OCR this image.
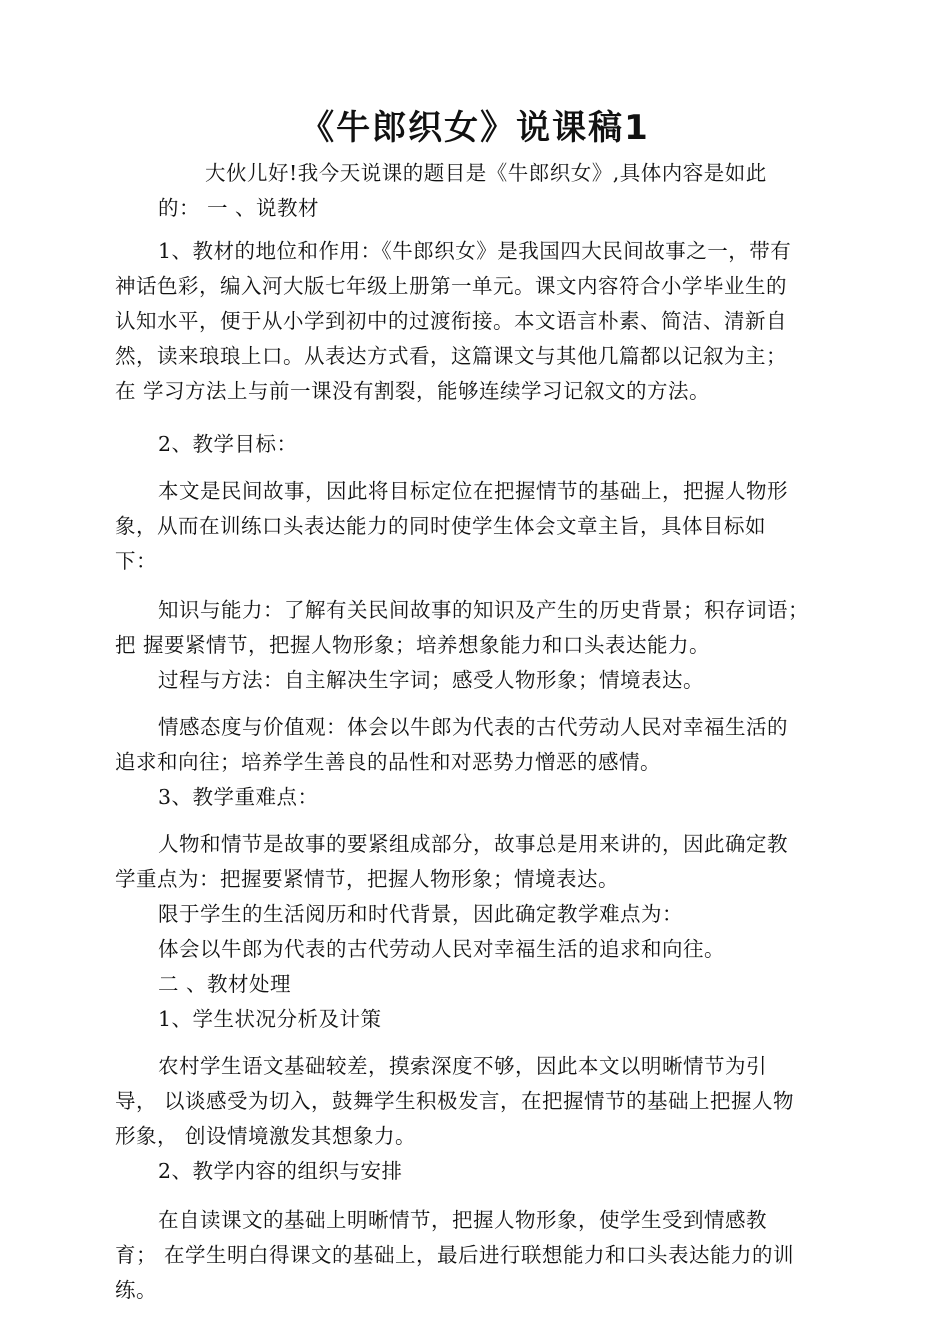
《牛郎织女》说课稿1
大伙儿好!我今天说课的题目是《牛郎织女》,具体内容是如此
的： 一 、说教材
1、教材的地位和作用：《牛郎织女》是我国四大民间故事之一，带有
神话色彩，编入河大版七年级上册第一单元。课文内容符合小学毕业生的
认知水平，便于从小学到初中的过渡衔接。本文语言朴素、简洁、清新自
然，读来琅琅上口。从表达方式看，这篇课文与其他几篇都以记叙为主；
在 学习方法上与前一课没有割裂，能够连续学习记叙文的方法。
2、教学目标：
本文是民间故事，因此将目标定位在把握情节的基础上，把握人物形
象，从而在训练口头表达能力的同时使学生体会文章主旨，具体目标如
下：
知识与能力：了解有关民间故事的知识及产生的历史背景；积存词语；
把 握要紧情节，把握人物形象；培养想象能力和口头表达能力。
过程与方法：自主解决生字词；感受人物形象；情境表达。
情感态度与价值观：体会以牛郎为代表的古代劳动人民对幸福生活的
追求和向往；培养学生善良的品性和对恶势力憎恶的感情。
3、教学重难点：
人物和情节是故事的要紧组成部分，故事总是用来讲的，因此确定教
学重点为：把握要紧情节，把握人物形象；情境表达。
限于学生的生活阅历和时代背景，因此确定教学难点为：
体会以牛郎为代表的古代劳动人民对幸福生活的追求和向往。
二 、教材处理
1、学生状况分析及计策
农村学生语文基础较差，摸索深度不够，因此本文以明晰情节为引
导， 以谈感受为切入，鼓舞学生积极发言，在把握情节的基础上把握人物
形象， 创设情境激发其想象力。
2、教学内容的组织与安排
在自读课文的基础上明晰情节，把握人物形象，使学生受到情感教
育； 在学生明白得课文的基础上，最后进行联想能力和口头表达能力的训
练。
